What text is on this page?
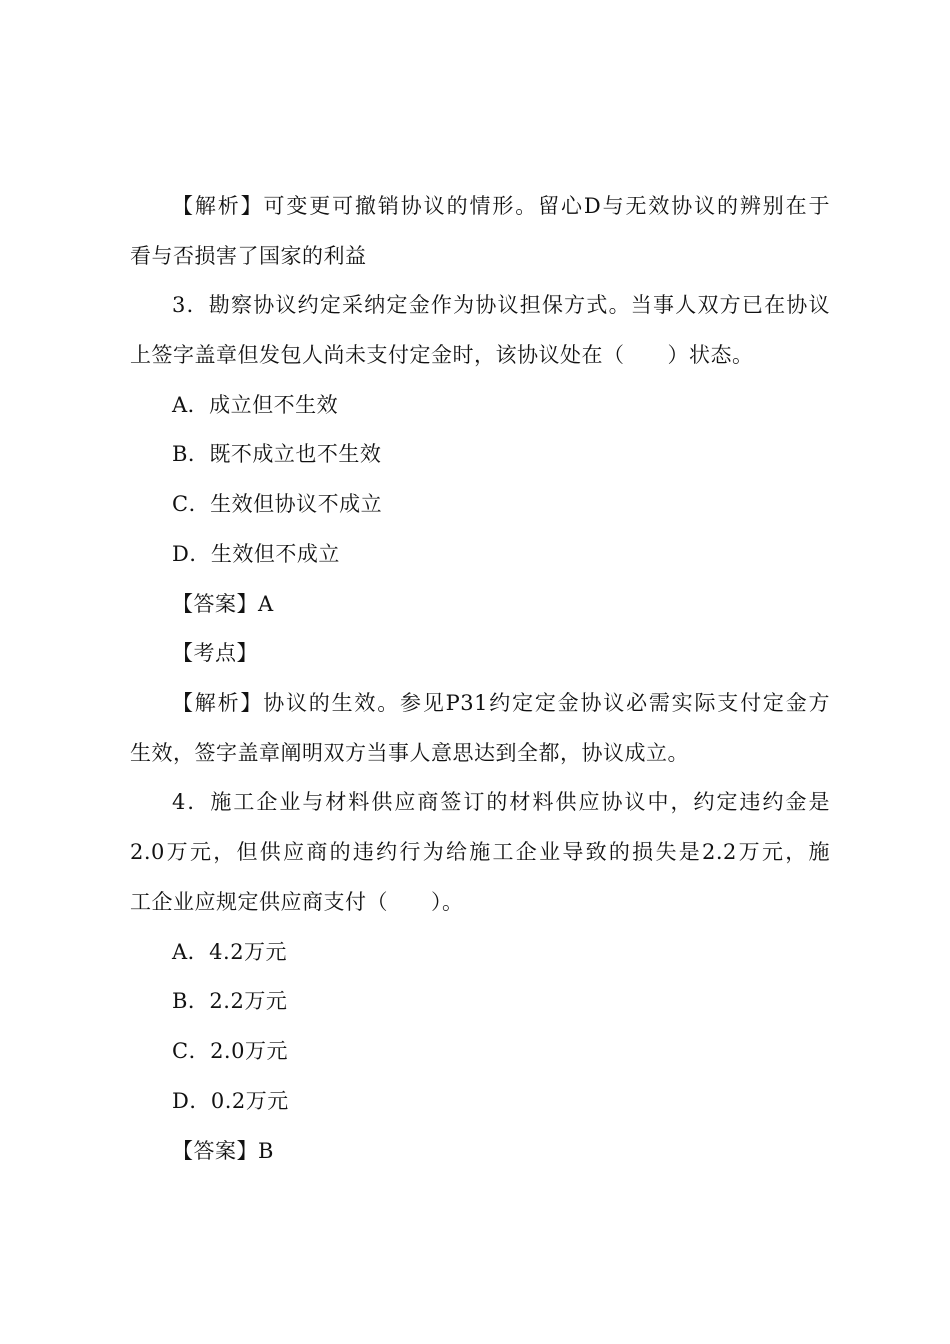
【解析】可变更可撤销协议的情形。留心D与无效协议的辨别在于
看与否损害了国家的利益
3．勘察协议约定采纳定金作为协议担保方式。当事人双方已在协议
上签字盖章但发包人尚未支付定金时，该协议处在（　　）状态。
A．成立但不生效
B．既不成立也不生效
C．生效但协议不成立
D．生效但不成立
【答案】A
【考点】
【解析】协议的生效。参见P31约定定金协议必需实际支付定金方
生效，签字盖章阐明双方当事人意思达到全都，协议成立。
4．施工企业与材料供应商签订的材料供应协议中，约定违约金是
2.0万元，但供应商的违约行为给施工企业导致的损失是2.2万元，施
工企业应规定供应商支付（　　）。
A．4.2万元
B．2.2万元
C．2.0万元
D．0.2万元
【答案】B
